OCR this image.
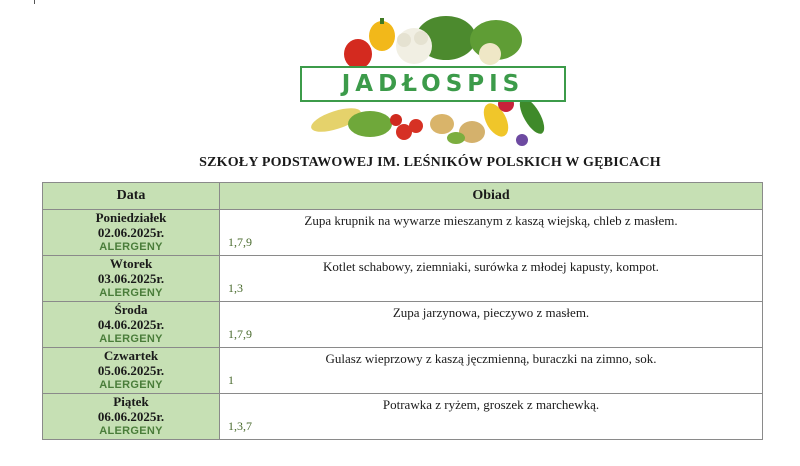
JADŁOSPIS
SZKOŁY PODSTAWOWEJ IM. LEŚNIKÓW POLSKICH W GĘBICACH
Data	Obiad

Poniedziałek
02.06.2025r.
ALERGENY	Zupa krupnik na wywarze mieszanym z kaszą wiejską, chleb z masłem.
1,7,9

Wtorek
03.06.2025r.
ALERGENY	Kotlet schabowy, ziemniaki, surówka z młodej kapusty, kompot.
1,3

Środa
04.06.2025r.
ALERGENY	Zupa jarzynowa, pieczywo z masłem.
1,7,9

Czwartek
05.06.2025r.
ALERGENY	Gulasz wieprzowy z kaszą jęczmienną, buraczki na zimno, sok.
1

Piątek
06.06.2025r.
ALERGENY	Potrawka z ryżem, groszek z marchewką.
1,3,7
